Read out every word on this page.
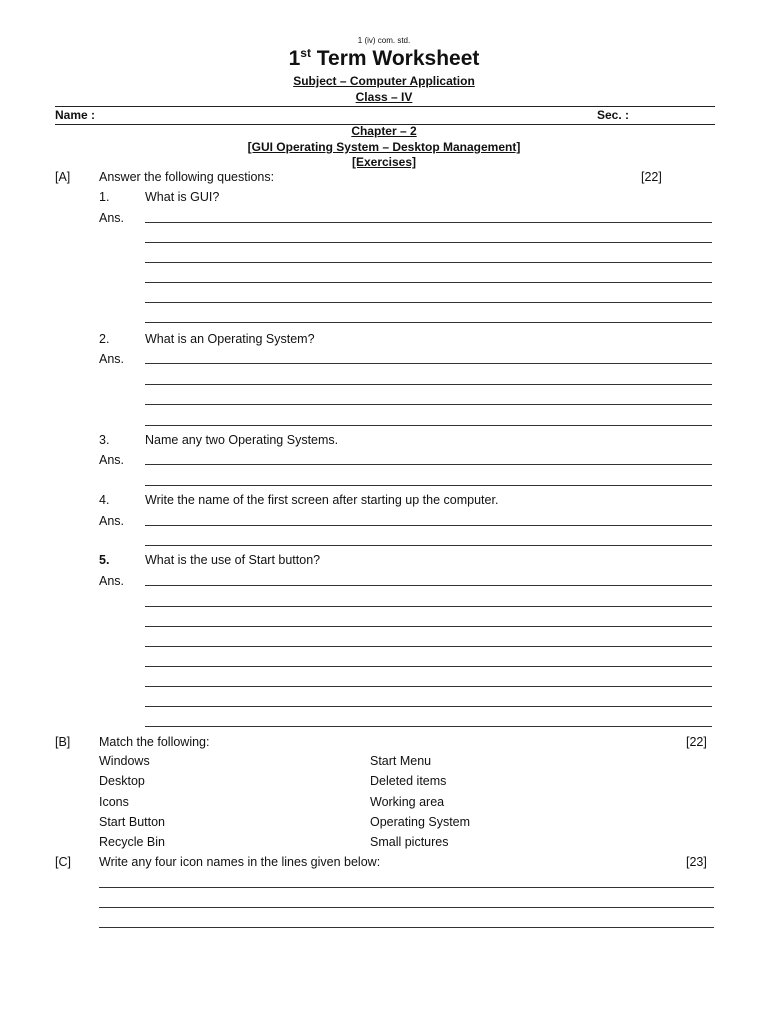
1 (iv) com. std.
1st Term Worksheet
Subject – Computer Application
Class – IV
Name :	Sec. :
Chapter – 2
[GUI Operating System – Desktop Management]
[Exercises]
[A] Answer the following questions:	[22]
1.	What is GUI?
Ans.
2.	What is an Operating System?
Ans.
3.	Name any two Operating Systems.
Ans.
4.	Write the name of the first screen after starting up the computer.
Ans.
5.	What is the use of Start button?
Ans.
[B] Match the following:	[22]
Windows	Start Menu
Desktop	Deleted items
Icons	Working area
Start Button	Operating System
Recycle Bin	Small pictures
[C] Write any four icon names in the lines given below:	[23]
